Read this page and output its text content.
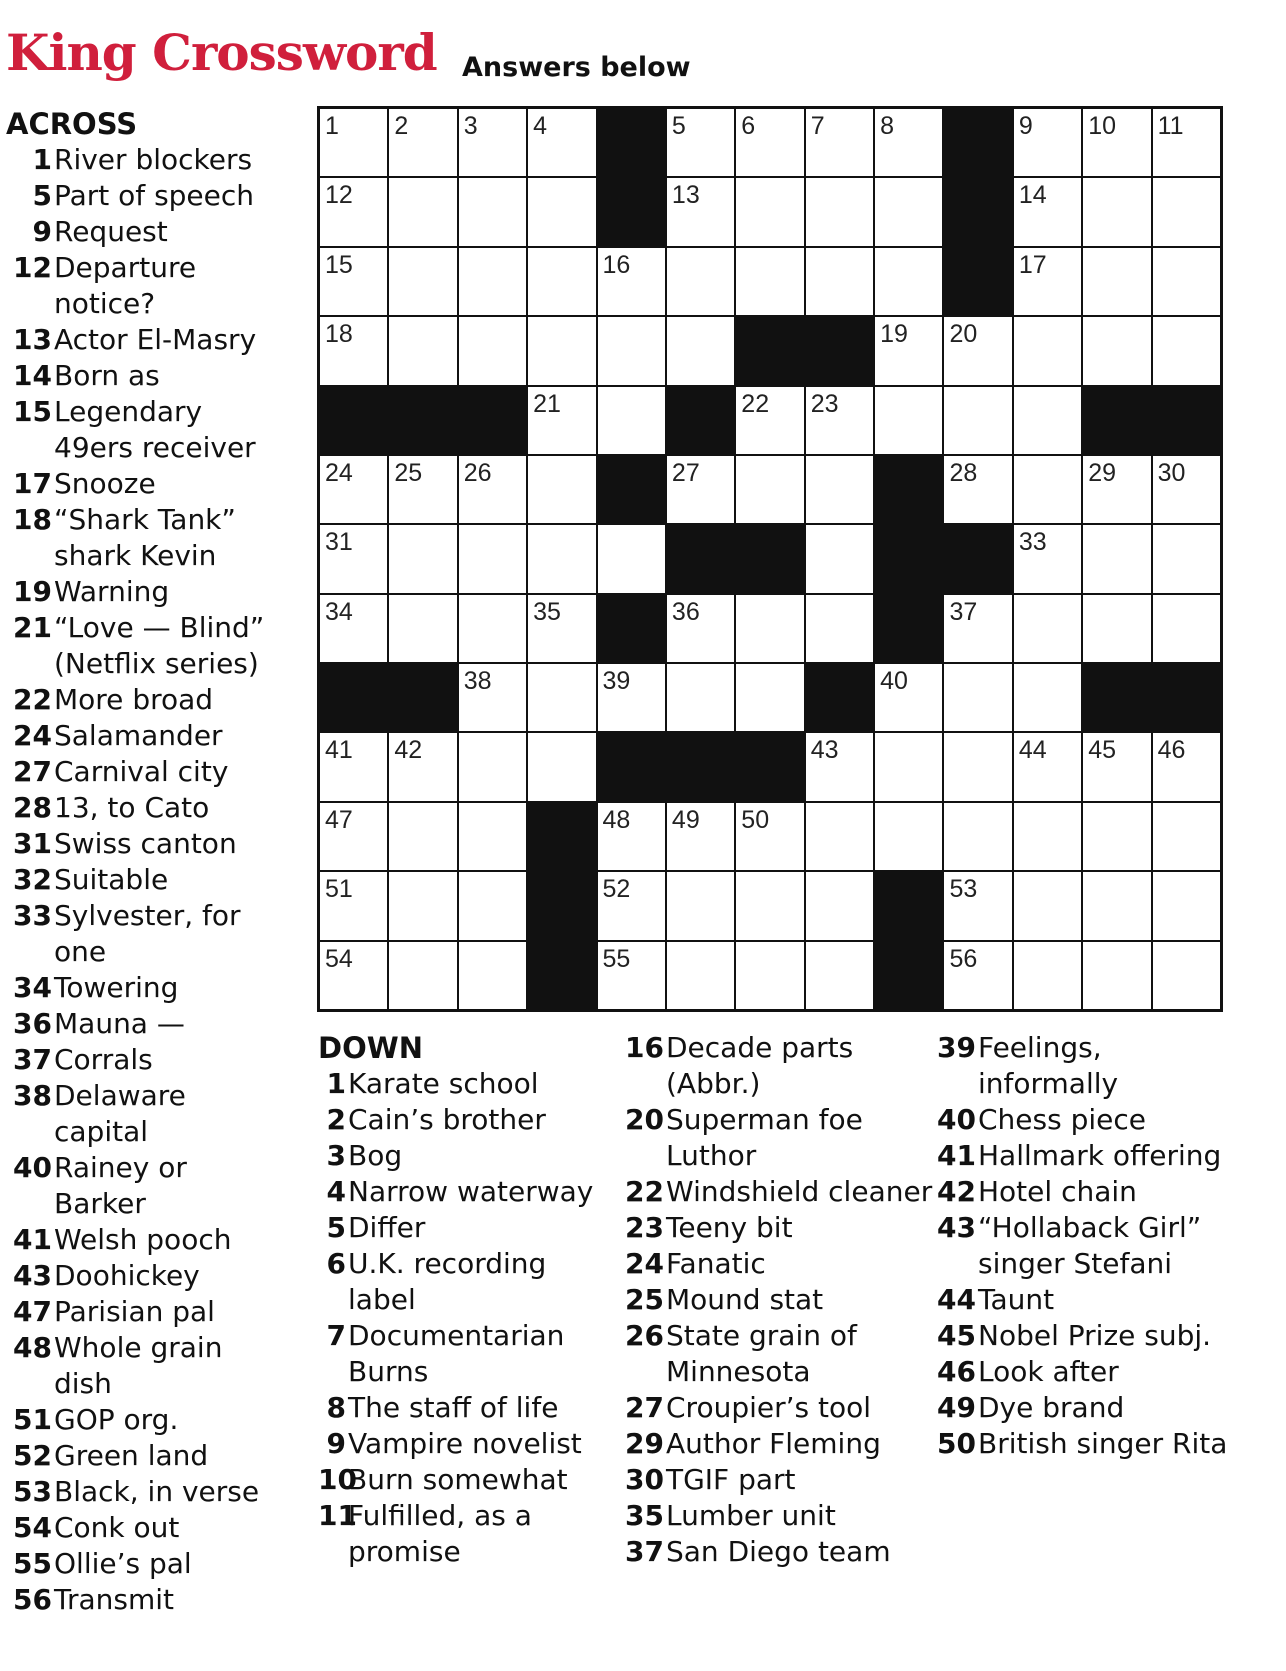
King Crossword Answers below
ACROSS
1 River blockers
5 Part of speech
9 Request
12 Departure notice?
13 Actor El-Masry
14 Born as
15 Legendary 49ers receiver
17 Snooze
18 “Shark Tank” shark Kevin
19 Warning
21 “Love — Blind” (Netflix series)
22 More broad
24 Salamander
27 Carnival city
28 13, to Cato
31 Swiss canton
32 Suitable
33 Sylvester, for one
34 Towering
36 Mauna —
37 Corrals
38 Delaware capital
40 Rainey or Barker
41 Welsh pooch
43 Doohickey
47 Parisian pal
48 Whole grain dish
51 GOP org.
52 Green land
53 Black, in verse
54 Conk out
55 Ollie’s pal
56 Transmit
1 2 3 4	5 6 7 8	9 10 11
12	13	14
15	16	17
18	19 20
21	22 23
24 25 26	27	28	29 30
31	33
34	35	36	37
38	39	40
41 42	43	44 45 46
47	48 49 50
51	52	53
54	55	56
DOWN
1 Karate school
2 Cain’s brother
3 Bog
4 Narrow waterway
5 Differ
6 U.K. recording label
7 Documentarian Burns
8 The staff of life
9 Vampire novelist
10
Burn somewhat
11
Fulfilled, as a promise
16 Decade parts (Abbr.)
20 Superman foe Luthor
22 Windshield cleaner
23 Teeny bit
24 Fanatic
25 Mound stat
26 State grain of Minnesota
27 Croupier’s tool
29 Author Fleming
30 TGIF part
35 Lumber unit
37 San Diego team
39 Feelings, informally
40 Chess piece
41 Hallmark offering
42 Hotel chain
43 “Hollaback Girl” singer Stefani
44 Taunt
45 Nobel Prize subj.
46 Look after
49 Dye brand
50 British singer Rita
